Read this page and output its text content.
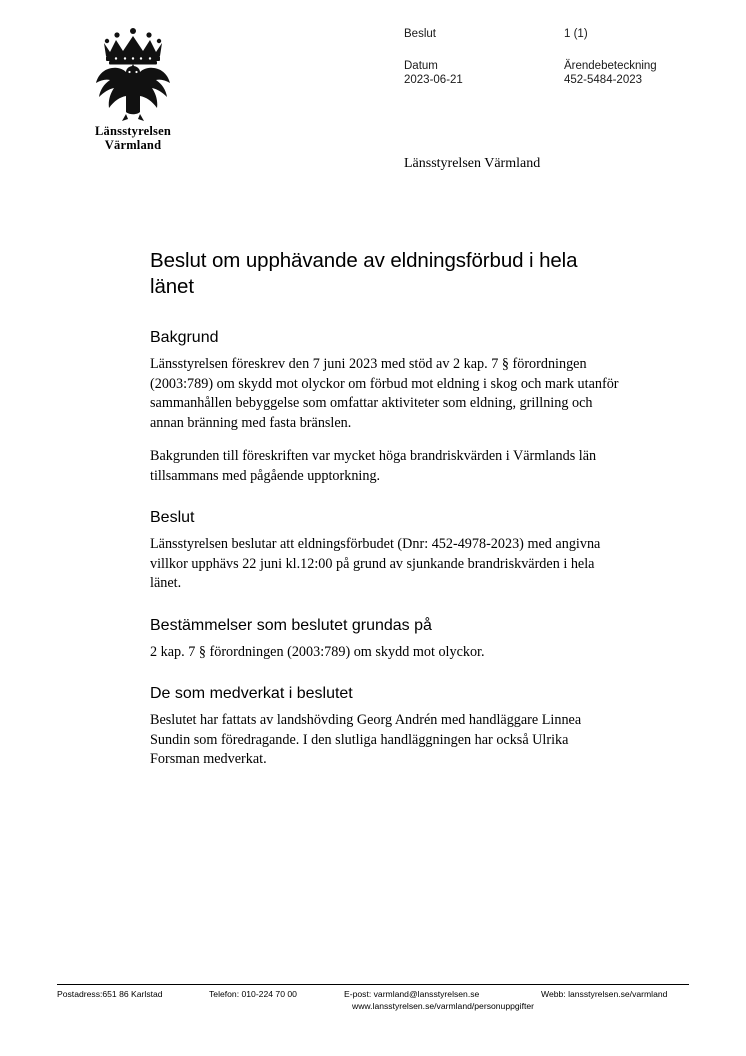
Länsstyrelsen
Värmland
Beslut	1 (1)
Datum	Ärendebeteckning
2023-06-21	452-5484-2023
Länsstyrelsen Värmland
Beslut om upphävande av eldningsförbud i hela länet
Bakgrund

Länsstyrelsen föreskrev den 7 juni 2023 med stöd av 2 kap. 7 § förordningen (2003:789) om skydd mot olyckor om förbud mot eldning i skog och mark utanför sammanhållen bebyggelse som omfattar aktiviteter som eldning, grillning och annan bränning med fasta bränslen.

Bakgrunden till föreskriften var mycket höga brandriskvärden i Värmlands län tillsammans med pågående upptorkning.

Beslut

Länsstyrelsen beslutar att eldningsförbudet (Dnr: 452-4978-2023) med angivna villkor upphävs 22 juni kl.12:00 på grund av sjunkande brandriskvärden i hela länet.

Bestämmelser som beslutet grundas på

2 kap. 7 § förordningen (2003:789) om skydd mot olyckor.

De som medverkat i beslutet

Beslutet har fattats av landshövding Georg Andrén med handläggare Linnea Sundin som föredragande. I den slutliga handläggningen har också Ulrika Forsman medverkat.

Postadress:651 86 Karlstad	Telefon: 010-224 70 00	E-post: varmland@lansstyrelsen.se	Webb: lansstyrelsen.se/varmland
www.lansstyrelsen.se/varmland/personuppgifter
